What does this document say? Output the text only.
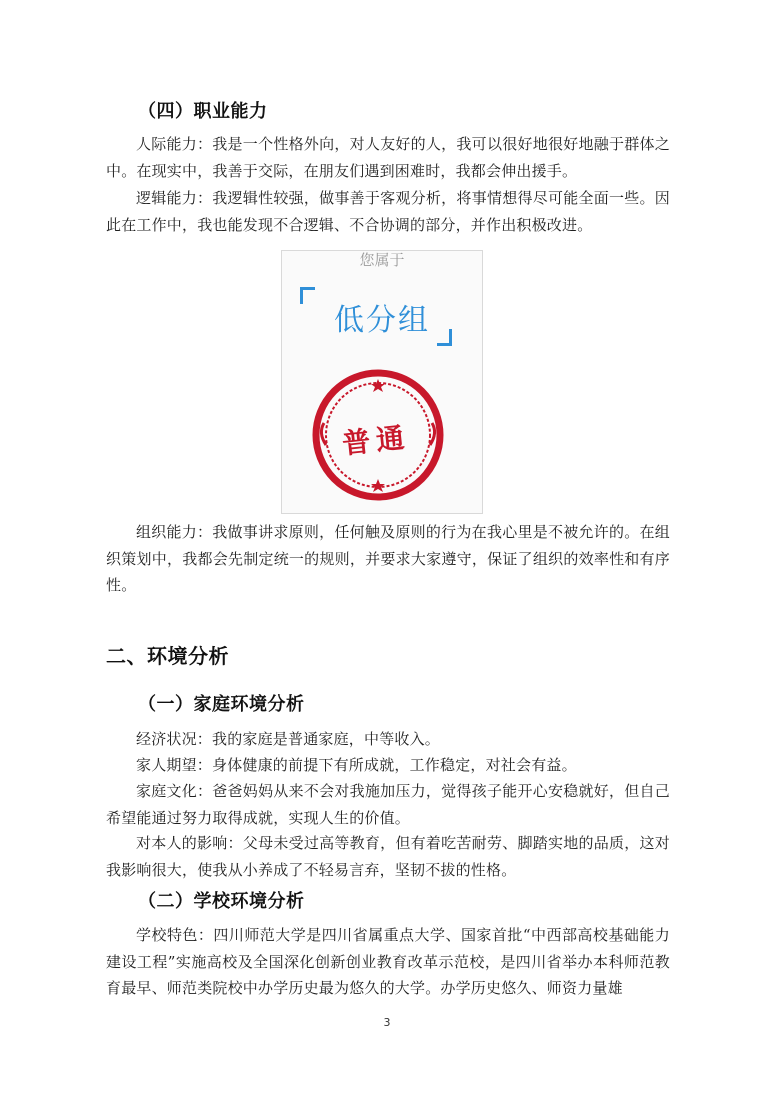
（四）职业能力
人际能力：我是一个性格外向，对人友好的人，我可以很好地很好地融于群体之中。在现实中，我善于交际，在朋友们遇到困难时，我都会伸出援手。
逻辑能力：我逻辑性较强，做事善于客观分析，将事情想得尽可能全面一些。因此在工作中，我也能发现不合逻辑、不合协调的部分，并作出积极改进。
您属于
低分组
普通
组织能力：我做事讲求原则，任何触及原则的行为在我心里是不被允许的。在组织策划中，我都会先制定统一的规则，并要求大家遵守，保证了组织的效率性和有序性。
二、环境分析
（一）家庭环境分析
经济状况：我的家庭是普通家庭，中等收入。
家人期望：身体健康的前提下有所成就，工作稳定，对社会有益。
家庭文化：爸爸妈妈从来不会对我施加压力，觉得孩子能开心安稳就好，但自己希望能通过努力取得成就，实现人生的价值。
对本人的影响：父母未受过高等教育，但有着吃苦耐劳、脚踏实地的品质，这对我影响很大，使我从小养成了不轻易言弃，坚韧不拔的性格。
（二）学校环境分析
学校特色：四川师范大学是四川省属重点大学、国家首批“中西部高校基础能力建设工程”实施高校及全国深化创新创业教育改革示范校，是四川省举办本科师范教育最早、师范类院校中办学历史最为悠久的大学。办学历史悠久、师资力量雄
3
